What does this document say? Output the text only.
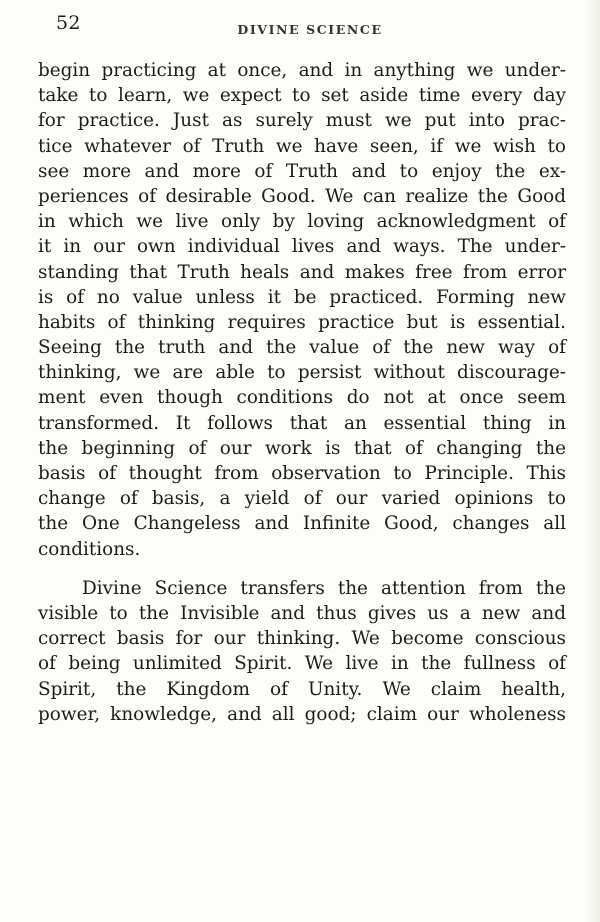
52	DIVINE SCIENCE
begin practicing at once, and in anything we under-
take to learn, we expect to set aside time every day
for practice. Just as surely must we put into prac-
tice whatever of Truth we have seen, if we wish to
see more and more of Truth and to enjoy the ex-
periences of desirable Good. We can realize the Good
in which we live only by loving acknowledgment of
it in our own individual lives and ways. The under-
standing that Truth heals and makes free from error
is of no value unless it be practiced. Forming new
habits of thinking requires practice but is essential.
Seeing the truth and the value of the new way of
thinking, we are able to persist without discourage-
ment even though conditions do not at once seem
transformed. It follows that an essential thing in
the beginning of our work is that of changing the
basis of thought from observation to Principle. This
change of basis, a yield of our varied opinions to
the One Changeless and Infinite Good, changes all
conditions.
Divine Science transfers the attention from the
visible to the Invisible and thus gives us a new and
correct basis for our thinking. We become conscious
of being unlimited Spirit. We live in the fullness of
Spirit, the Kingdom of Unity. We claim health,
power, knowledge, and all good; claim our wholeness
